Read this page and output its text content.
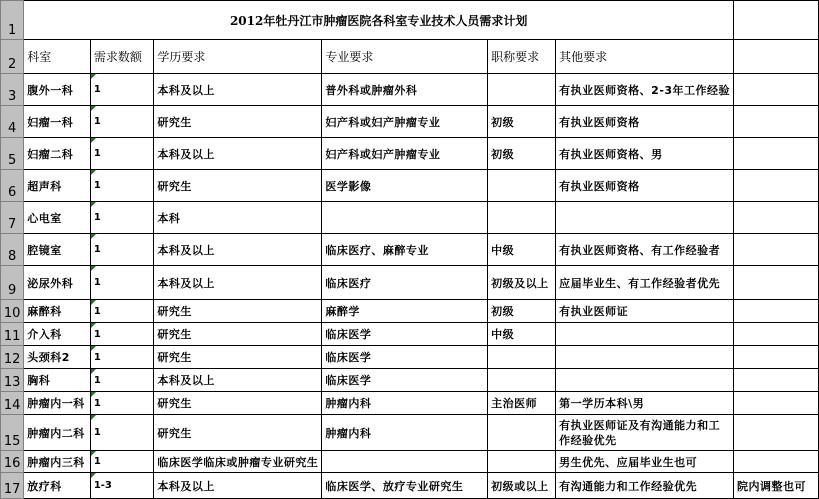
1	2012年牡丹江市肿瘤医院各科室专业技术人员需求计划						
2	科室	需求数额	学历要求	专业要求	职称要求	其他要求	
3	腹外一科	1	本科及以上	普外科或肿瘤外科		有执业医师资格、2-3年工作经验	
4	妇瘤一科	1	研究生	妇产科或妇产肿瘤专业	初级	有执业医师资格	
5	妇瘤二科	1	本科及以上	妇产科或妇产肿瘤专业	初级	有执业医师资格、男	
6	超声科	1	研究生	医学影像		有执业医师资格	
7	心电室	1	本科				
8	腔镜室	1	本科及以上	临床医疗、麻醉专业	中级	有执业医师资格、有工作经验者	
9	泌尿外科	1	本科及以上	临床医疗	初级及以上	应届毕业生、有工作经验者优先	
10	麻醉科	1	研究生	麻醉学	初级	有执业医师证	
11	介入科	1	研究生	临床医学	中级		
12	头颈科2	1	研究生	临床医学			
13	胸科	1	本科及以上	临床医学			
14	肿瘤内一科	1	研究生	肿瘤内科	主治医师	第一学历本科\男	
15	肿瘤内二科	1	研究生	肿瘤内科		有执业医师证及有沟通能力和工作经验优先	
16	肿瘤内三科	1	临床医学临床或肿瘤专业研究生			男生优先、应届毕业生也可	
17	放疗科	1-3	本科及以上	临床医学、放疗专业研究生	初级或以上	有沟通能力和工作经验优先	院内调整也可
